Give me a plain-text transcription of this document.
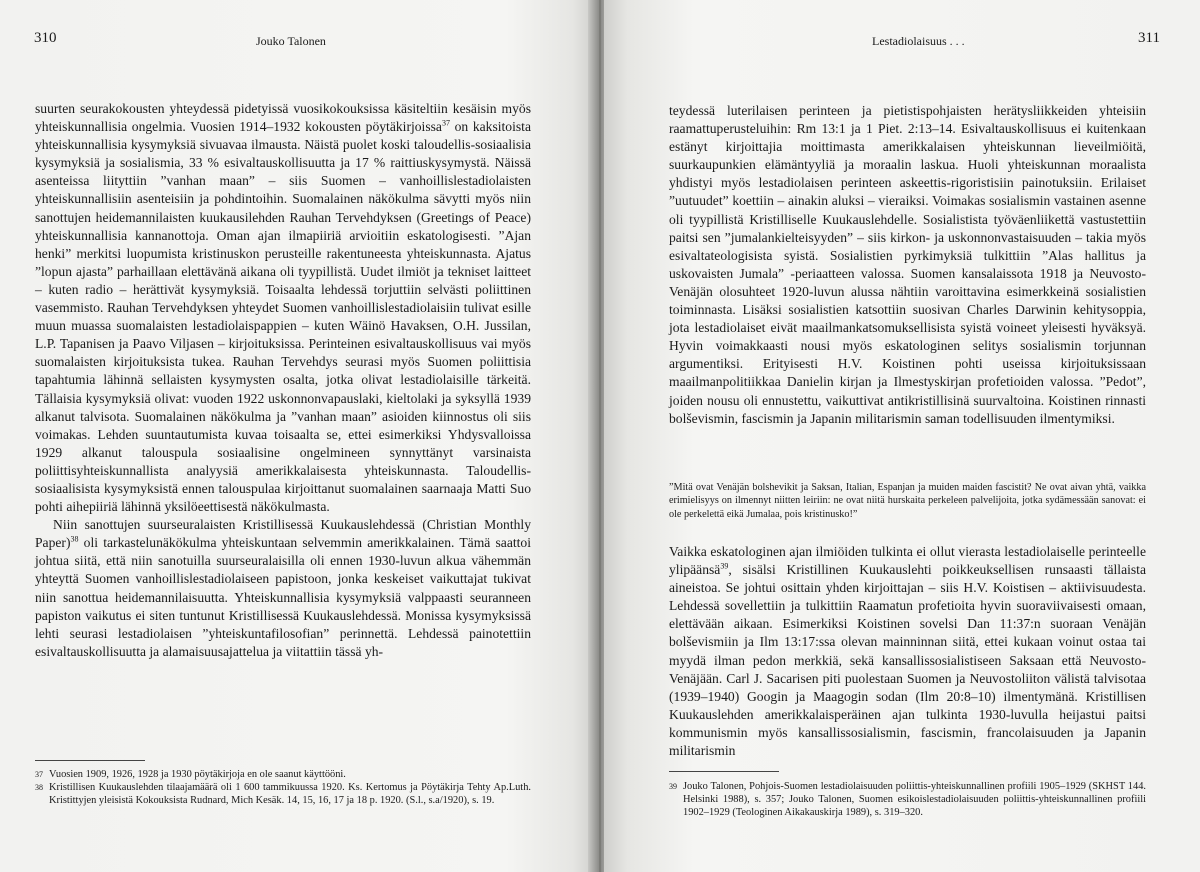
310	Jouko Talonen

suurten seurakokousten yhteydessä pidetyissä vuosikokouksissa käsiteltiin kesäisin myös yhteiskunnallisia ongelmia. Vuosien 1914–1932 kokousten pöytäkirjoissa$^{37}$ on kaksitoista yhteiskunnallisia kysymyksiä sivuavaa ilmausta. Näistä puolet koski taloudellis-sosiaalisia kysymyksiä ja sosialismia, 33 % esivaltauskollisuutta ja 17 % raittiuskysymystä. Näissä asenteissa liityttiin ”vanhan maan” – siis Suomen – vanhoillislestadiolaisten yhteiskunnallisiin asenteisiin ja pohdintoihin. Suomalainen näkökulma sävytti myös niin sanottujen heidemannilaisten kuukausilehden Rauhan Tervehdyksen (Greetings of Peace) yhteiskunnallisia kannanottoja. Oman ajan ilmapiiriä arvioitiin eskatologisesti. ”Ajan henki” merkitsi luopumista kristinuskon perusteille rakentuneesta yhteiskunnasta. Ajatus ”lopun ajasta” parhaillaan elettävänä aikana oli tyypillistä. Uudet ilmiöt ja tekniset laitteet – kuten radio – herättivät kysymyksiä. Toisaalta lehdessä torjuttiin selvästi poliittinen vasemmisto. Rauhan Tervehdyksen yhteydet Suomen vanhoillislestadiolaisiin tulivat esille muun muassa suomalaisten lestadiolaispappien – kuten Wäinö Havaksen, O.H. Jussilan, L.P. Tapanisen ja Paavo Viljasen – kirjoituksissa. Perinteinen esivaltauskollisuus vai myös suomalaisten kirjoituksista tukea. Rauhan Tervehdys seurasi myös Suomen poliittisia tapahtumia lähinnä sellaisten kysymysten osalta, jotka olivat lestadiolaisille tärkeitä. Tällaisia kysymyksiä olivat: vuoden 1922 uskonnonvapauslaki, kieltolaki ja syksyllä 1939 alkanut talvisota. Suomalainen näkökulma ja ”vanhan maan” asioiden kiinnostus oli siis voimakas. Lehden suuntautumista kuvaa toisaalta se, ettei esimerkiksi Yhdysvalloissa 1929 alkanut talouspula sosiaalisine ongelmineen synnyttänyt varsinaista poliittisyhteiskunnallista analyysiä amerikkalaisesta yhteiskunnasta. Taloudellis-sosiaalisista kysymyksistä ennen talouspulaa kirjoittanut suomalainen saarnaaja Matti Suo pohti aihepiiriä lähinnä yksilöeettisestä näkökulmasta.

Niin sanottujen suurseuralaisten Kristillisessä Kuukauslehdessä (Christian Monthly Paper)$^{38}$ oli tarkastelunäkökulma yhteiskuntaan selvemmin amerikkalainen. Tämä saattoi johtua siitä, että niin sanotuilla suurseuralaisilla oli ennen 1930-luvun alkua vähemmän yhteyttä Suomen vanhoillislestadiolaiseen papistoon, jonka keskeiset vaikuttajat tukivat niin sanottua heidemannilaisuutta. Yhteiskunnallisia kysymyksiä valppaasti seuranneen papiston vaikutus ei siten tuntunut Kristillisessä Kuukauslehdessä. Monissa kysymyksissä lehti seurasi lestadiolaisen ”yhteiskuntafilosofian” perinnettä. Lehdessä painotettiin esivaltauskollisuutta ja alamaisuusajattelua ja viitattiin tässä yh-

37 Vuosien 1909, 1926, 1928 ja 1930 pöytäkirjoja en ole saanut käyttööni.
38 Kristillisen Kuukauslehden tilaajamäärä oli 1 600 tammikuussa 1920. Ks. Kertomus ja Pöytäkirja Tehty Ap.Luth. Kristittyjen yleisistä Kokouksista Rudnard, Mich Kesäk. 14, 15, 16, 17 ja 18 p. 1920. (S.l., s.a/1920), s. 19.
Lestadiolaisuus . . .	311

teydessä luterilaisen perinteen ja pietistispohjaisten herätysliikkeiden yhteisiin raamattuperusteluihin: Rm 13:1 ja 1 Piet. 2:13–14. Esivaltauskollisuus ei kuitenkaan estänyt kirjoittajia moittimasta amerikkalaisen yhteiskunnan lieveilmiöitä, suurkaupunkien elämäntyyliä ja moraalin laskua. Huoli yhteiskunnan moraalista yhdistyi myös lestadiolaisen perinteen askeettis-rigoristisiin painotuksiin. Erilaiset ”uutuudet” koettiin – ainakin aluksi – vieraiksi. Voimakas sosialismin vastainen asenne oli tyypillistä Kristilliselle Kuukauslehdelle. Sosialistista työväenliikettä vastustettiin paitsi sen ”jumalankielteisyyden” – siis kirkon- ja uskonnonvastaisuuden – takia myös esivaltateologisista syistä. Sosialistien pyrkimyksiä tulkittiin ”Alas hallitus ja uskovaisten Jumala” -periaatteen valossa. Suomen kansalaissota 1918 ja Neuvosto-Venäjän olosuhteet 1920-luvun alussa nähtiin varoittavina esimerkkeinä sosialistien toiminnasta. Lisäksi sosialistien katsottiin suosivan Charles Darwinin kehitysoppia, jota lestadiolaiset eivät maailmankatsomuksellisista syistä voineet yleisesti hyväksyä. Hyvin voimakkaasti nousi myös eskatologinen selitys sosialismin torjunnan argumentiksi. Erityisesti H.V. Koistinen pohti useissa kirjoituksissaan maailmanpolitiikkaa Danielin kirjan ja Ilmestyskirjan profetioiden valossa. ”Pedot”, joiden nousu oli ennustettu, vaikuttivat antikristillisinä suurvaltoina. Koistinen rinnasti bolševismin, fascismin ja Japanin militarismin saman todellisuuden ilmentymiksi.

”Mitä ovat Venäjän bolshevikit ja Saksan, Italian, Espanjan ja muiden maiden fascistit? Ne ovat aivan yhtä, vaikka erimielisyys on ilmennyt niitten leiriin: ne ovat niitä hurskaita perkeleen palvelijoita, jotka sydämessään sanovat: ei ole perkelettä eikä Jumalaa, pois kristinusko!”

Vaikka eskatologinen ajan ilmiöiden tulkinta ei ollut vierasta lestadiolaiselle perinteelle ylipäänsä$^{39}$, sisälsi Kristillinen Kuukauslehti poikkeuksellisen runsaasti tällaista aineistoa. Se johtui osittain yhden kirjoittajan – siis H.V. Koistisen – aktiivisuudesta. Lehdessä sovellettiin ja tulkittiin Raamatun profetioita hyvin suoraviivaisesti omaan, elettävään aikaan. Esimerkiksi Koistinen sovelsi Dan 11:37:n suoraan Venäjän bolševismiin ja Ilm 13:17:ssa olevan mainninnan siitä, ettei kukaan voinut ostaa tai myydä ilman pedon merkkiä, sekä kansallissosialistiseen Saksaan että Neuvosto-Venäjään. Carl J. Sacarisen piti puolestaan Suomen ja Neuvostoliiton välistä talvisotaa (1939–1940) Googin ja Maagogin sodan (Ilm 20:8–10) ilmentymänä. Kristillisen Kuukauslehden amerikkalaisperäinen ajan tulkinta 1930-luvulla heijastui paitsi kommunismin myös kansallissosialismin, fascismin, francolaisuuden ja Japanin militarismin

39 Jouko Talonen, Pohjois-Suomen lestadiolaisuuden poliittis-yhteiskunnallinen profiili 1905–1929 (SKHST 144. Helsinki 1988), s. 357; Jouko Talonen, Suomen esikoislestadiolaisuuden poliittis-yhteiskunnallinen profiili 1902–1929 (Teologinen Aikakauskirja 1989), s. 319–320.
